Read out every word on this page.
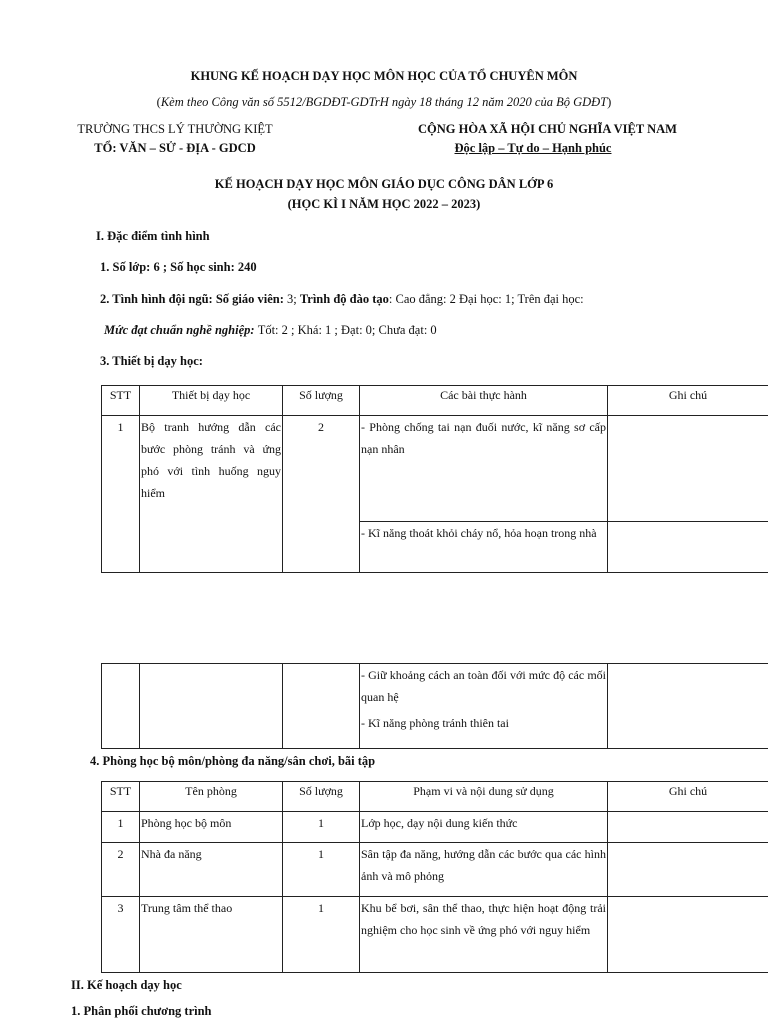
KHUNG KẾ HOẠCH DẠY HỌC MÔN HỌC CỦA TỔ CHUYÊN MÔN
(Kèm theo Công văn số 5512/BGDĐT-GDTrH ngày 18 tháng 12 năm 2020 của Bộ GDĐT)
TRƯỜNG THCS LÝ THƯỜNG KIỆT
TỔ: VĂN – SỬ - ĐỊA - GDCD
CỘNG HÒA XÃ HỘI CHỦ NGHĨA VIỆT NAM
Độc lập – Tự do – Hạnh phúc
KẾ HOẠCH DẠY HỌC MÔN GIÁO DỤC CÔNG DÂN LỚP 6
(HỌC KÌ I NĂM HỌC 2022 – 2023)
I. Đặc điểm tình hình
1. Số lớp: 6 ; Số học sinh: 240
2. Tình hình đội ngũ: Số giáo viên: 3; Trình độ đào tạo: Cao đẳng: 2 Đại học: 1; Trên đại học:
Mức đạt chuẩn nghề nghiệp: Tốt: 2 ; Khá: 1 ; Đạt: 0; Chưa đạt: 0
3. Thiết bị dạy học:
STT	Thiết bị dạy học	Số lượng	Các bài thực hành	Ghi chú
1	Bộ tranh hướng dẫn các bước phòng tránh và ứng phó với tình huống nguy hiểm	2	- Phòng chống tai nạn đuối nước, kĩ năng sơ cấp nạn nhân	
			- Kĩ năng thoát khỏi cháy nổ, hỏa hoạn trong nhà	
			- Giữ khoảng cách an toàn đối với mức độ các mối quan hệ	
- Kĩ năng phòng tránh thiên tai
4. Phòng học bộ môn/phòng đa năng/sân chơi, bãi tập
STT	Tên phòng	Số lượng	Phạm vi và nội dung sử dụng	Ghi chú
1	Phòng học bộ môn	1	Lớp học, dạy nội dung kiến thức	
2	Nhà đa năng	1	Sân tập đa năng, hướng dẫn các bước qua các hình ảnh và mô phỏng	
3	Trung tâm thể thao	1	Khu bể bơi, sân thể thao, thực hiện hoạt động trải nghiệm cho học sinh về ứng phó với nguy hiểm	
II. Kế hoạch dạy học
1. Phân phối chương trình
